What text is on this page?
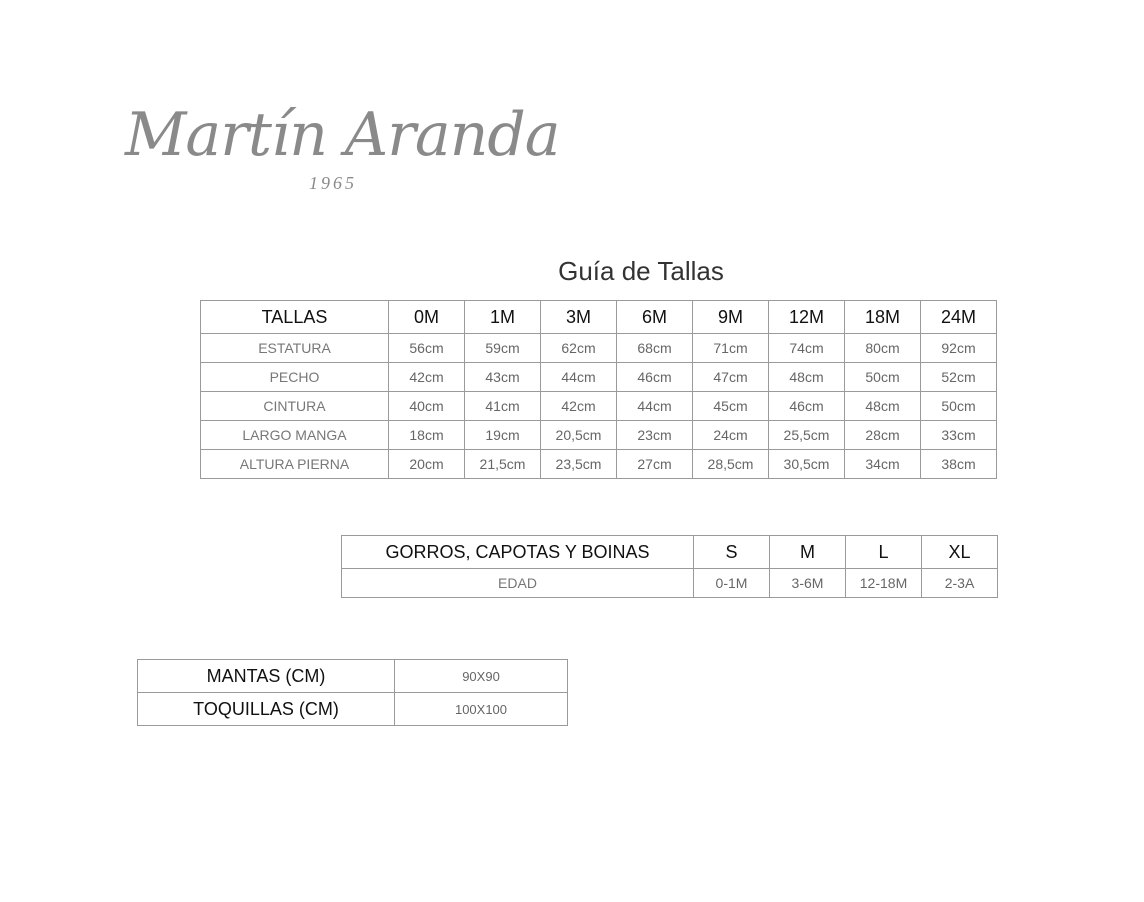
Martín Aranda
1965
Guía de Tallas
TALLAS	0M	1M	3M	6M	9M	12M	18M	24M
ESTATURA	56cm	59cm	62cm	68cm	71cm	74cm	80cm	92cm
PECHO	42cm	43cm	44cm	46cm	47cm	48cm	50cm	52cm
CINTURA	40cm	41cm	42cm	44cm	45cm	46cm	48cm	50cm
LARGO MANGA	18cm	19cm	20,5cm	23cm	24cm	25,5cm	28cm	33cm
ALTURA PIERNA	20cm	21,5cm	23,5cm	27cm	28,5cm	30,5cm	34cm	38cm
GORROS, CAPOTAS Y BOINAS	S	M	L	XL
EDAD	0-1M	3-6M	12-18M	2-3A
MANTAS (CM)	90X90
TOQUILLAS (CM)	100X100
